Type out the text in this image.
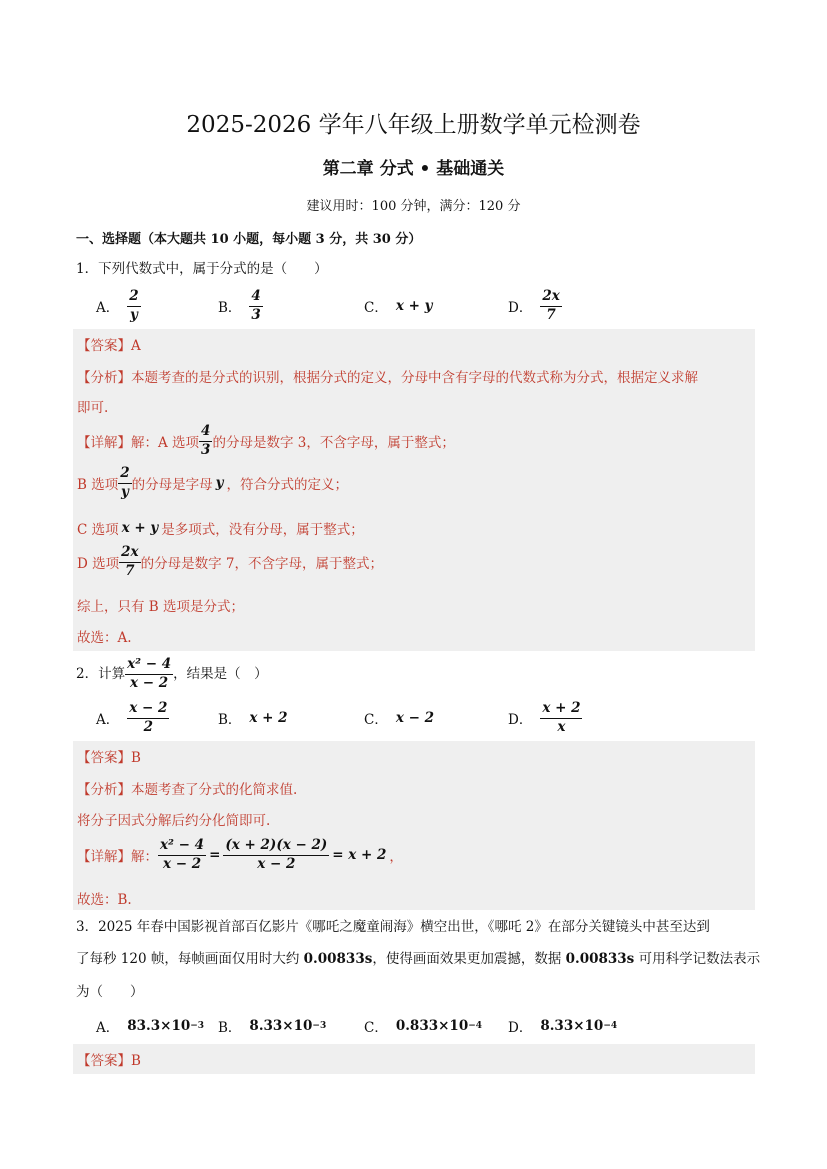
2025-2026 学年八年级上册数学单元检测卷
第二章 分式 • 基础通关
建议用时：100 分钟，满分：120 分
一、选择题（本大题共 10 小题，每小题 3 分，共 30 分）
1．下列代数式中，属于分式的是（　　）
A． $\frac{2}{y}$	B． $\frac{4}{3}$	C． x + y	D． $\frac{2x}{7}$
【答案】A
【分析】本题考查的是分式的识别，根据分式的定义，分母中含有字母的代数式称为分式，根据定义求解
即可.
【详解】解：A 选项 $\frac{4}{3}$ 的分母是数字 3，不含字母，属于整式；
B 选项 $\frac{2}{y}$ 的分母是字母 y ，符合分式的定义；
C 选项 x + y 是多项式，没有分母，属于整式；
D 选项 $\frac{2x}{7}$ 的分母是数字 7，不含字母，属于整式；
综上，只有 B 选项是分式；
故选：A.
2．计算 $\frac{\text{x² − 4}}{x - 2}$ ，结果是（　）
A． $\frac{x - 2}{2}$	B． x + 2	C． x − 2	D． $\frac{x + 2}{x}$
【答案】B
【分析】本题考查了分式的化简求值.
将分子因式分解后约分化简即可.
【详解】解： $\frac{\text{x² − 4}}{x - 2} = \frac{(x + 2)(x - 2)}{x - 2} = x + 2$ ，
故选：B.
3．2025 年春中国影视首部百亿影片《哪吒之魔童闹海》横空出世，《哪吒 2》在部分关键镜头中甚至达到
了每秒 120 帧，每帧画面仅用时大约 0.00833s，使得画面效果更加震撼，数据 0.00833s 可用科学记数法表示
为（　　）
A． 83.3×10 −3 B． 8.33×10 −3	C． 0.833×10 −4 D． 8.33×10 −4
【答案】B
